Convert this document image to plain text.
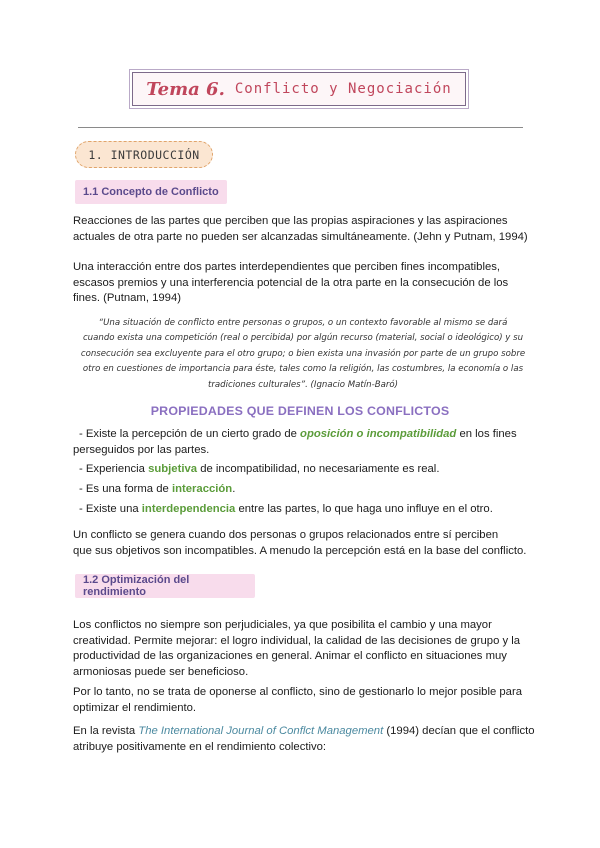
Tema 6. Conflicto y Negociación
1. INTRODUCCIÓN
1.1 Concepto de Conflicto
Reacciones de las partes que perciben que las propias aspiraciones y las aspiraciones
actuales de otra parte no pueden ser alcanzadas simultáneamente. (Jehn y Putnam, 1994)
Una interacción entre dos partes interdependientes que perciben fines incompatibles,
escasos premios y una interferencia potencial de la otra parte en la consecución de los
fines. (Putnam, 1994)
“Una situación de conflicto entre personas o grupos, o un contexto favorable al mismo se dará
cuando exista una competición (real o percibida) por algún recurso (material, social o ideológico) y su
consecución sea excluyente para el otro grupo; o bien exista una invasión por parte de un grupo sobre
otro en cuestiones de importancia para éste, tales como la religión, las costumbres, la economía o las
tradiciones culturales”. (Ignacio Matín-Baró)
PROPIEDADES QUE DEFINEN LOS CONFLICTOS
- Existe la percepción de un cierto grado de oposición o incompatibilidad en los fines
perseguidos por las partes.
- Experiencia subjetiva de incompatibilidad, no necesariamente es real.
- Es una forma de interacción.
- Existe una interdependencia entre las partes, lo que haga uno influye en el otro.
Un conflicto se genera cuando dos personas o grupos relacionados entre sí perciben
que sus objetivos son incompatibles. A menudo la percepción está en la base del conflicto.
1.2 Optimización del rendimiento
Los conflictos no siempre son perjudiciales, ya que posibilita el cambio y una mayor
creatividad. Permite mejorar: el logro individual, la calidad de las decisiones de grupo y la
productividad de las organizaciones en general. Animar el conflicto en situaciones muy
armoniosas puede ser beneficioso.
Por lo tanto, no se trata de oponerse al conflicto, sino de gestionarlo lo mejor posible para
optimizar el rendimiento.
En la revista The International Journal of Conflct Management (1994) decían que el conflicto
atribuye positivamente en el rendimiento colectivo:
